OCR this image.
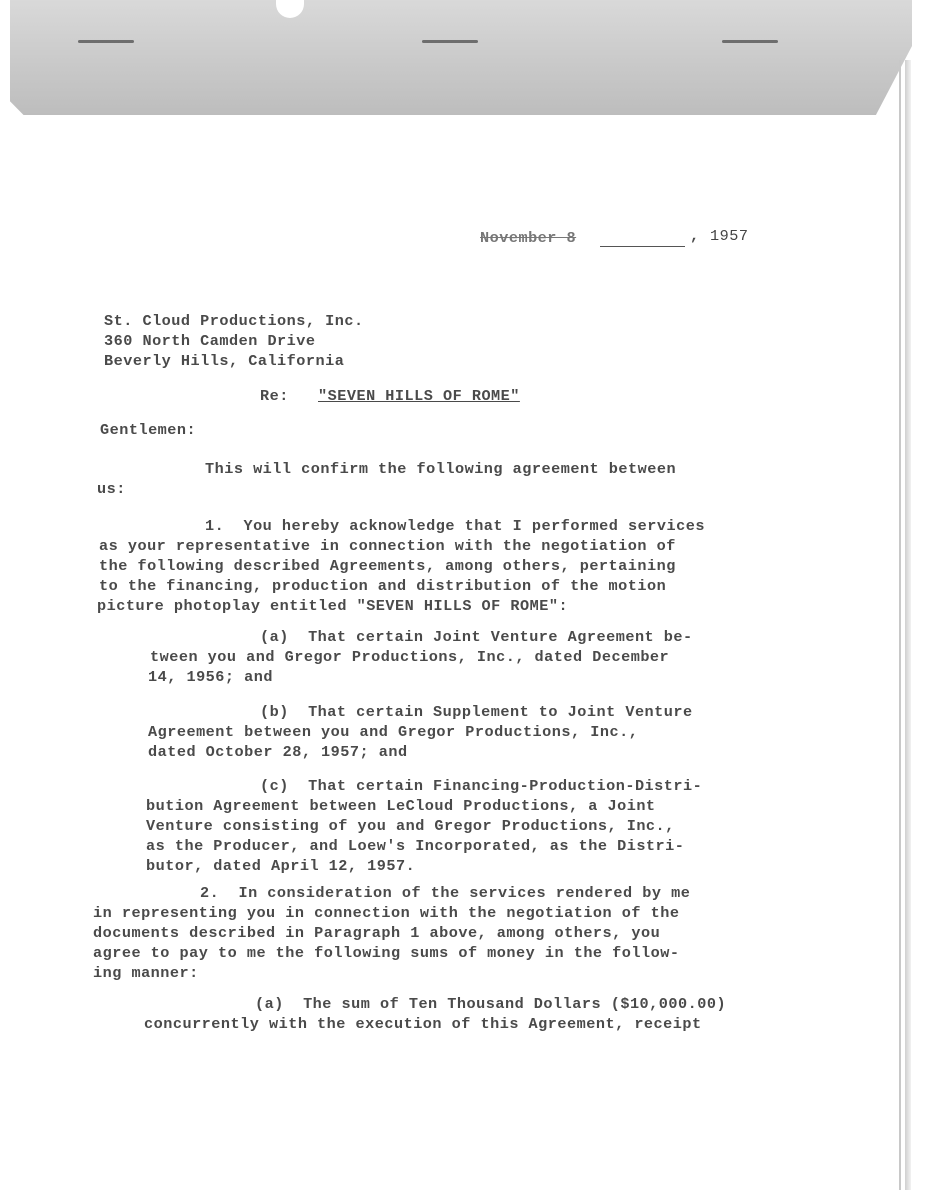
November 8	, 1957
St. Cloud Productions, Inc.
360 North Camden Drive
Beverly Hills, California
Re: "SEVEN HILLS OF ROME"
Gentlemen:
This will confirm the following agreement between
us:
1.  You hereby acknowledge that I performed services
as your representative in connection with the negotiation of
the following described Agreements, among others, pertaining
to the financing, production and distribution of the motion
picture photoplay entitled "SEVEN HILLS OF ROME":
(a)  That certain Joint Venture Agreement be-
tween you and Gregor Productions, Inc., dated December
14, 1956; and
(b)  That certain Supplement to Joint Venture
Agreement between you and Gregor Productions, Inc.,
dated October 28, 1957; and
(c)  That certain Financing-Production-Distri-
bution Agreement between LeCloud Productions, a Joint
Venture consisting of you and Gregor Productions, Inc.,
as the Producer, and Loew's Incorporated, as the Distri-
butor, dated April 12, 1957.
2.  In consideration of the services rendered by me
in representing you in connection with the negotiation of the
documents described in Paragraph 1 above, among others, you
agree to pay to me the following sums of money in the follow-
ing manner:
(a)  The sum of Ten Thousand Dollars ($10,000.00)
concurrently with the execution of this Agreement, receipt
